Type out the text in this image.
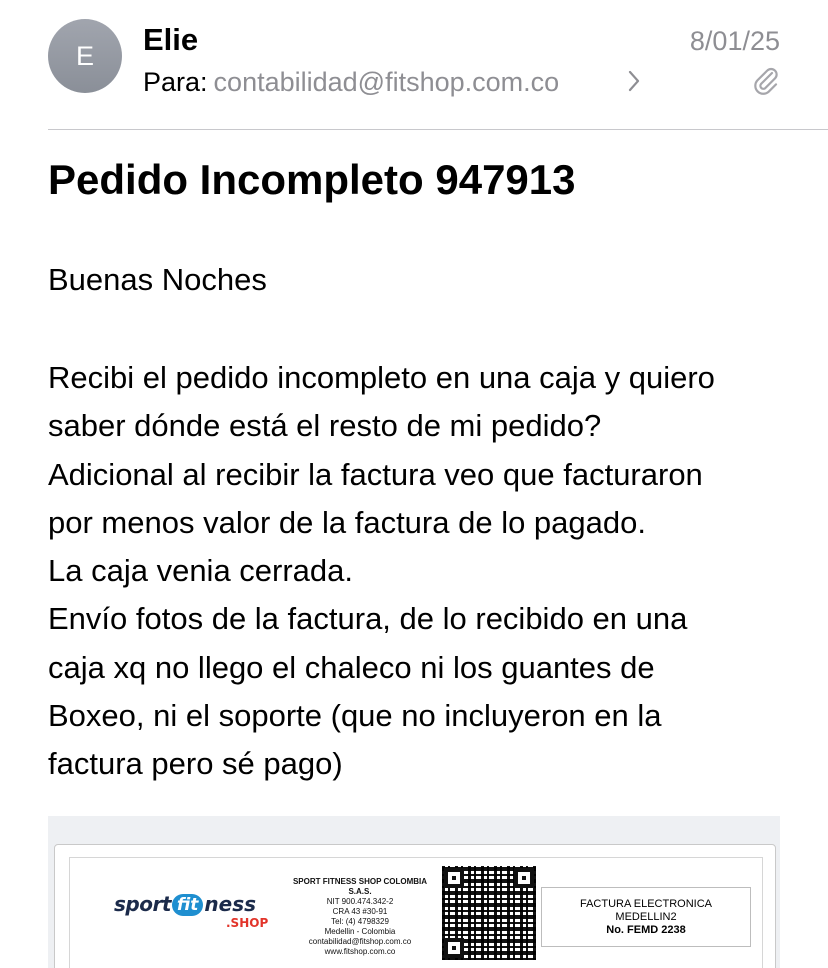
E Elie
Para: contabilidad@fitshop.com.co
8/01/25
Pedido Incompleto 947913
Buenas Noches
Recibi el pedido incompleto en una caja y quiero
saber dónde está el resto de mi pedido?
Adicional al recibir la factura veo que facturaron
por menos valor de la factura de lo pagado.
La caja venia cerrada.
Envío fotos de la factura, de lo recibido en una
caja xq no llego el chaleco ni los guantes de
Boxeo, ni el soporte (que no incluyeron en la
factura pero sé pago)
sport fit ness
.SHOP
SPORT FITNESS SHOP COLOMBIA
S.A.S.
NIT 900.474.342-2
CRA 43 #30-91
Tel: (4) 4798329
Medellin - Colombia
contabilidad@fitshop.com.co
www.fitshop.com.co
FACTURA ELECTRONICA
MEDELLIN2
No. FEMD 2238
